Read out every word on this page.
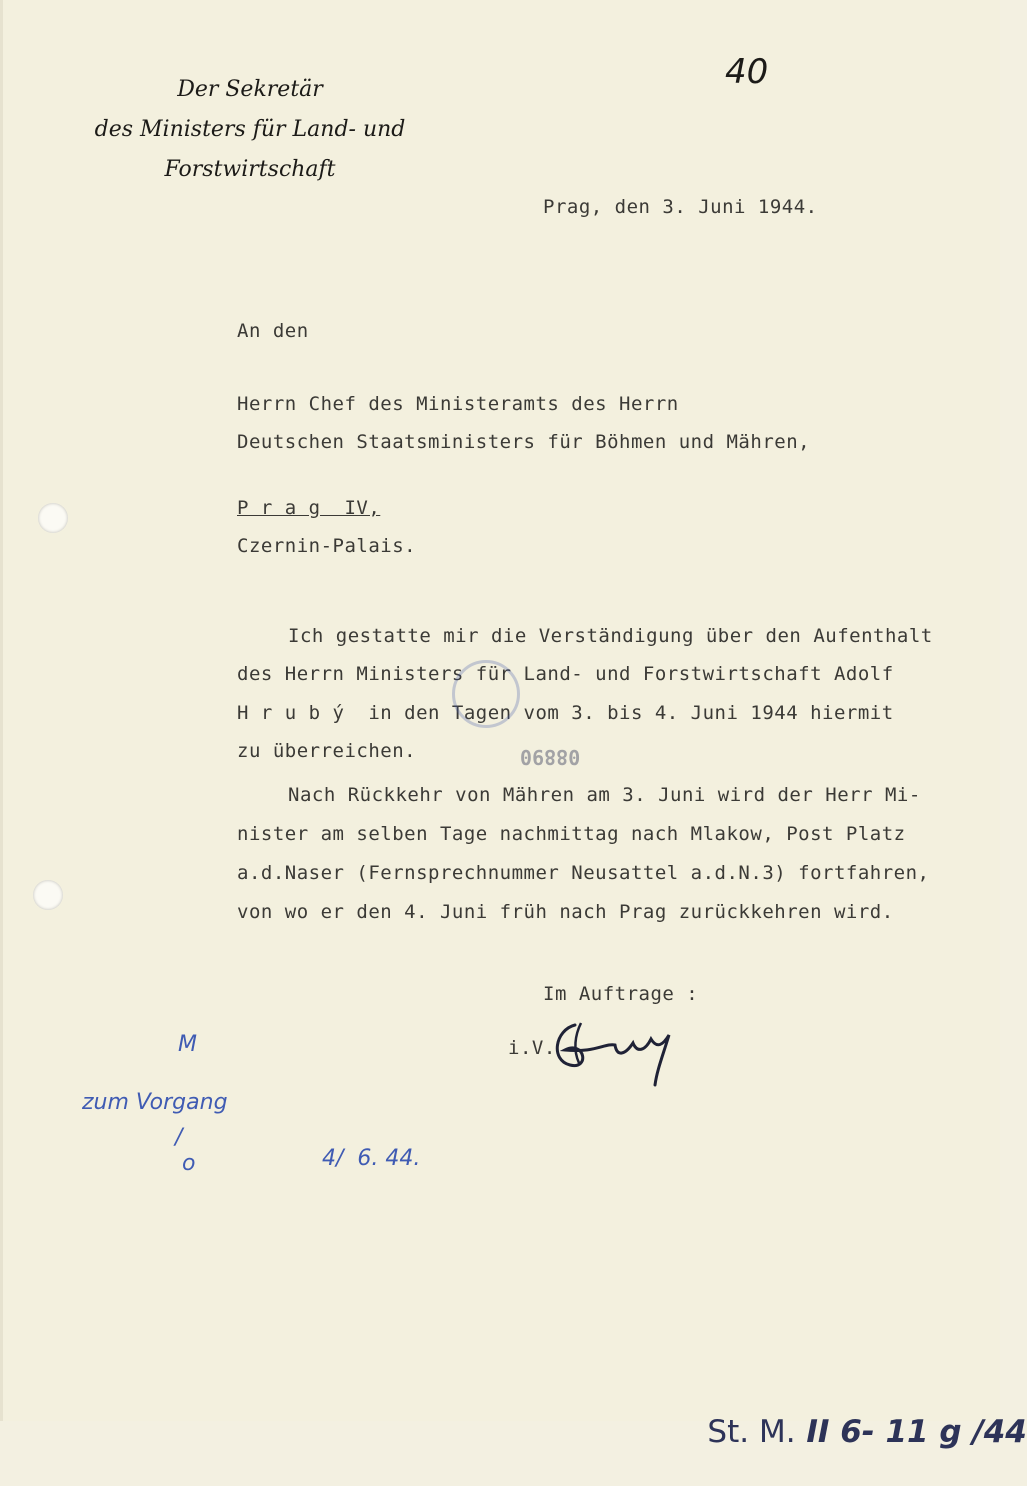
Der Sekretär
des Ministers für Land- und
Forstwirtschaft
40
Prag, den 3. Juni 1944.
An den
Herrn Chef des Ministeramts des Herrn
Deutschen Staatsministers für Böhmen und Mähren,
P r a g  IV,
Czernin-Palais.
Ich gestatte mir die Verständigung über den Aufenthalt
des Herrn Ministers für Land- und Forstwirtschaft Adolf
H r u b ý  in den Tagen vom 3. bis 4. Juni 1944 hiermit
zu überreichen.
Nach Rückkehr von Mähren am 3. Juni wird der Herr Mi-
nister am selben Tage nachmittag nach Mlakow, Post Platz
a.d.Naser (Fernsprechnummer Neusattel a.d.N.3) fortfahren,
von wo er den 4. Juni früh nach Prag zurückkehren wird.
08890
Im Auftrage :
i.V.
M
zum Vorgang
4/  6. 44.
/
o

St. M. II 6- 11 g /44
